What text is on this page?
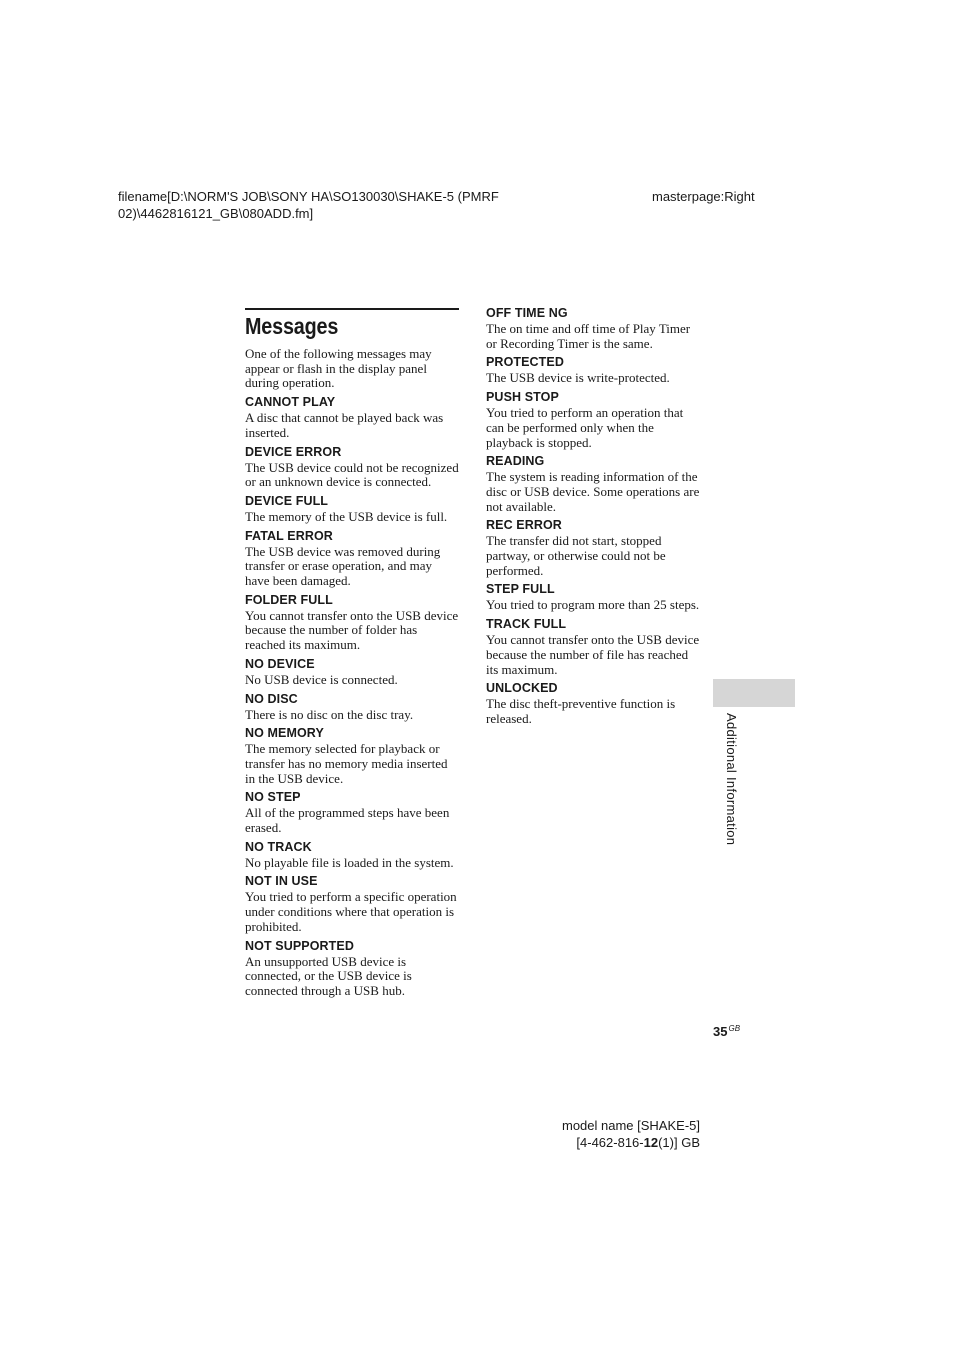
filename[D:\NORM'S JOB\SONY HA\SO130030\SHAKE-5 (PMRF 02)\4462816121_GB\080ADD.fm]
masterpage:Right
Messages
One of the following messages may appear or flash in the display panel during operation.
CANNOT PLAY
A disc that cannot be played back was inserted.
DEVICE ERROR
The USB device could not be recognized or an unknown device is connected.
DEVICE FULL
The memory of the USB device is full.
FATAL ERROR
The USB device was removed during transfer or erase operation, and may have been damaged.
FOLDER FULL
You cannot transfer onto the USB device because the number of folder has reached its maximum.
NO DEVICE
No USB device is connected.
NO DISC
There is no disc on the disc tray.
NO MEMORY
The memory selected for playback or transfer has no memory media inserted in the USB device.
NO STEP
All of the programmed steps have been erased.
NO TRACK
No playable file is loaded in the system.
NOT IN USE
You tried to perform a specific operation under conditions where that operation is prohibited.
NOT SUPPORTED
An unsupported USB device is connected, or the USB device is connected through a USB hub.
OFF TIME NG
The on time and off time of Play Timer or Recording Timer is the same.
PROTECTED
The USB device is write-protected.
PUSH STOP
You tried to perform an operation that can be performed only when the playback is stopped.
READING
The system is reading information of the disc or USB device. Some operations are not available.
REC ERROR
The transfer did not start, stopped partway, or otherwise could not be performed.
STEP FULL
You tried to program more than 25 steps.
TRACK FULL
You cannot transfer onto the USB device because the number of file has reached its maximum.
UNLOCKED
The disc theft-preventive function is released.	Additional Information
$35^{GB}$
model name [SHAKE-5]
[4-462-816-12(1)] GB
